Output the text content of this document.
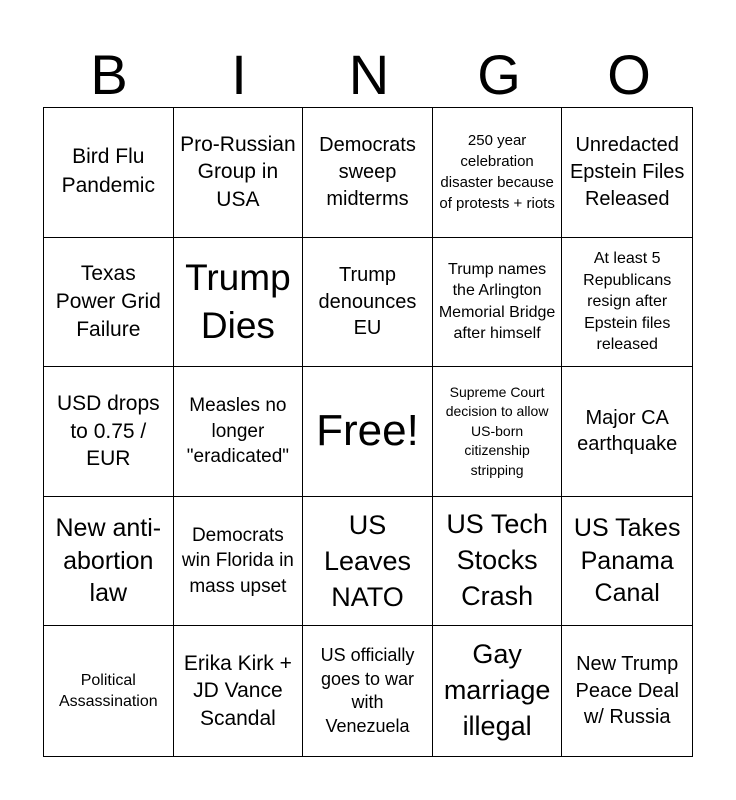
B	I	N	G	O
Bird Flu Pandemic
Pro-Russian Group in USA
Democrats sweep midterms
250 year celebration disaster because of protests + riots
Unredacted Epstein Files Released
Texas Power Grid Failure
Trump Dies
Trump denounces EU
Trump names the Arlington Memorial Bridge after himself
At least 5 Republicans resign after Epstein files released
USD drops to 0.75 / EUR
Measles no longer "eradicated"
Free!
Supreme Court decision to allow US-born citizenship stripping
Major CA earthquake
New anti-abortion law
Democrats win Florida in mass upset
US Leaves NATO
US Tech Stocks Crash
US Takes Panama Canal
Political Assassination
Erika Kirk + JD Vance Scandal
US officially goes to war with Venezuela
Gay marriage illegal
New Trump Peace Deal w/ Russia
